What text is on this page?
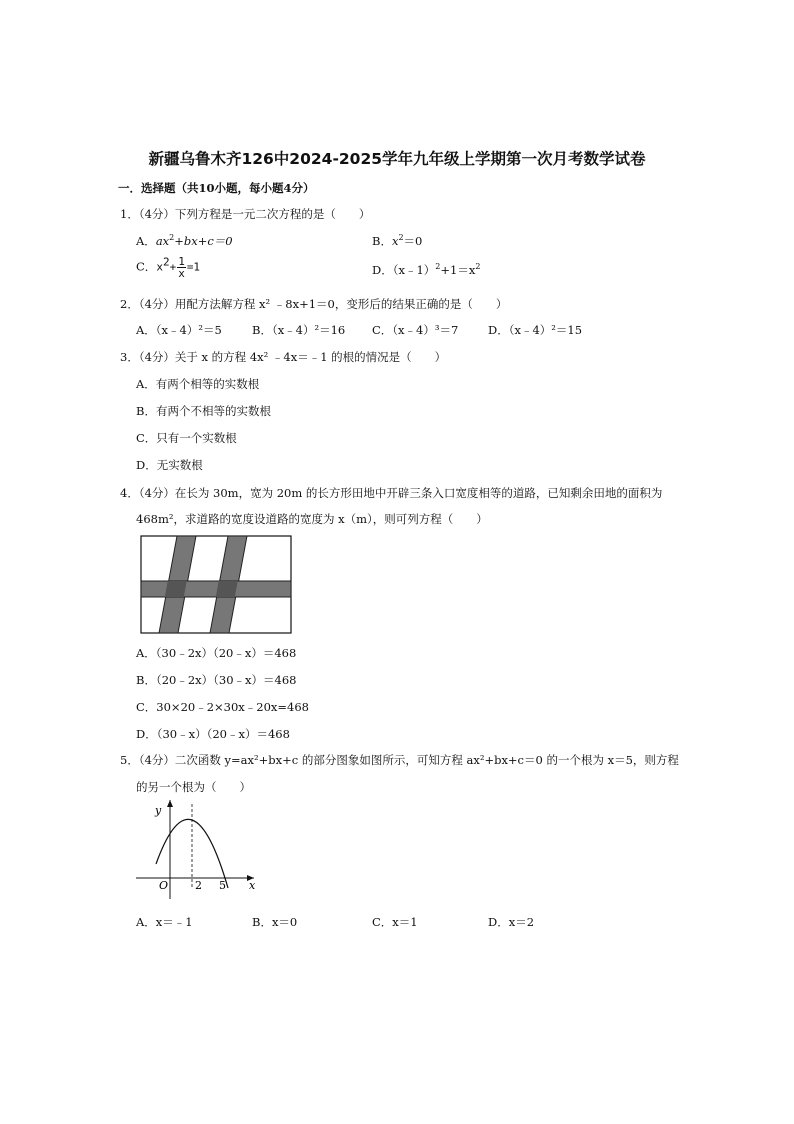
新疆乌鲁木齐126中2024-2025学年九年级上学期第一次月考数学试卷
一．选择题（共10小题，每小题4分）
1．（4分）下列方程是一元二次方程的是（　　）
A．$ax^2+bx+c=0$	B．$x^2=0$
C．$x^2+ \frac{1}{x} =1$	D．$(x﹣1)^2+1=x^2$
2．（4分）用配方法解方程 x² ﹣8x+1＝0，变形后的结果正确的是（　　）
A．（x﹣4）²＝5	B．（x﹣4）²＝16 C．（x﹣4）³＝7	D．（x﹣4）²＝15
3．（4分）关于 x 的方程 4x² ﹣4x＝﹣1 的根的情况是（　　）
A．有两个相等的实数根
B．有两个不相等的实数根
C．只有一个实数根
D．无实数根
4．（4分）在长为 30m，宽为 20m 的长方形田地中开辟三条入口宽度相等的道路，已知剩余田地的面积为
468m²，求道路的宽度设道路的宽度为 x（m），则可列方程（　　）
A．（30﹣2x）（20﹣x）＝468
B．（20﹣2x）（30﹣x）＝468
C．30×20﹣2×30x﹣20x=468
D．（30﹣x）（20﹣x）＝468
5．（4分）二次函数 y=ax²+bx+c 的部分图象如图所示，可知方程 ax²+bx+c＝0 的一个根为 x＝5，则方程
的另一个根为（　　）
y
x
O 2 5
A．x＝﹣1	B．x＝0	C．x＝1	D．x＝2
